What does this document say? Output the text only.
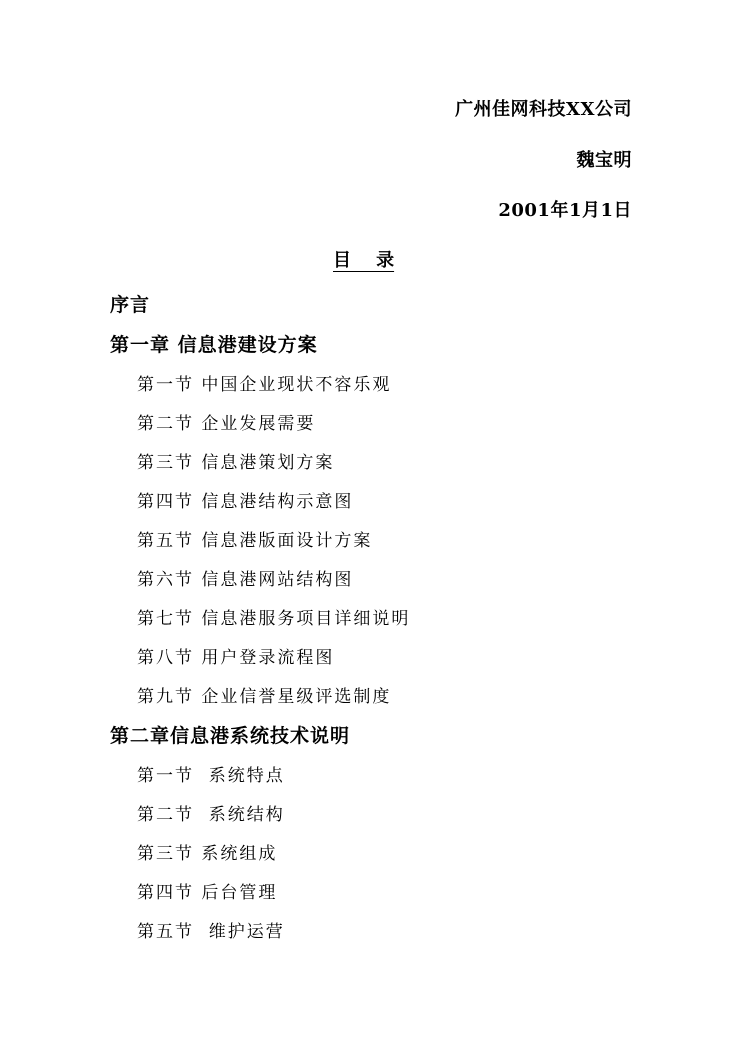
广州佳网科技XX公司
魏宝明
2001年1月1日
目    录
序言
第一章 信息港建设方案
第一节 中国企业现状不容乐观
第二节 企业发展需要
第三节 信息港策划方案
第四节 信息港结构示意图
第五节 信息港版面设计方案
第六节 信息港网站结构图
第七节 信息港服务项目详细说明
第八节 用户登录流程图
第九节 企业信誉星级评选制度
第二章信息港系统技术说明
第一节  系统特点
第二节  系统结构
第三节 系统组成
第四节 后台管理
第五节  维护运营
